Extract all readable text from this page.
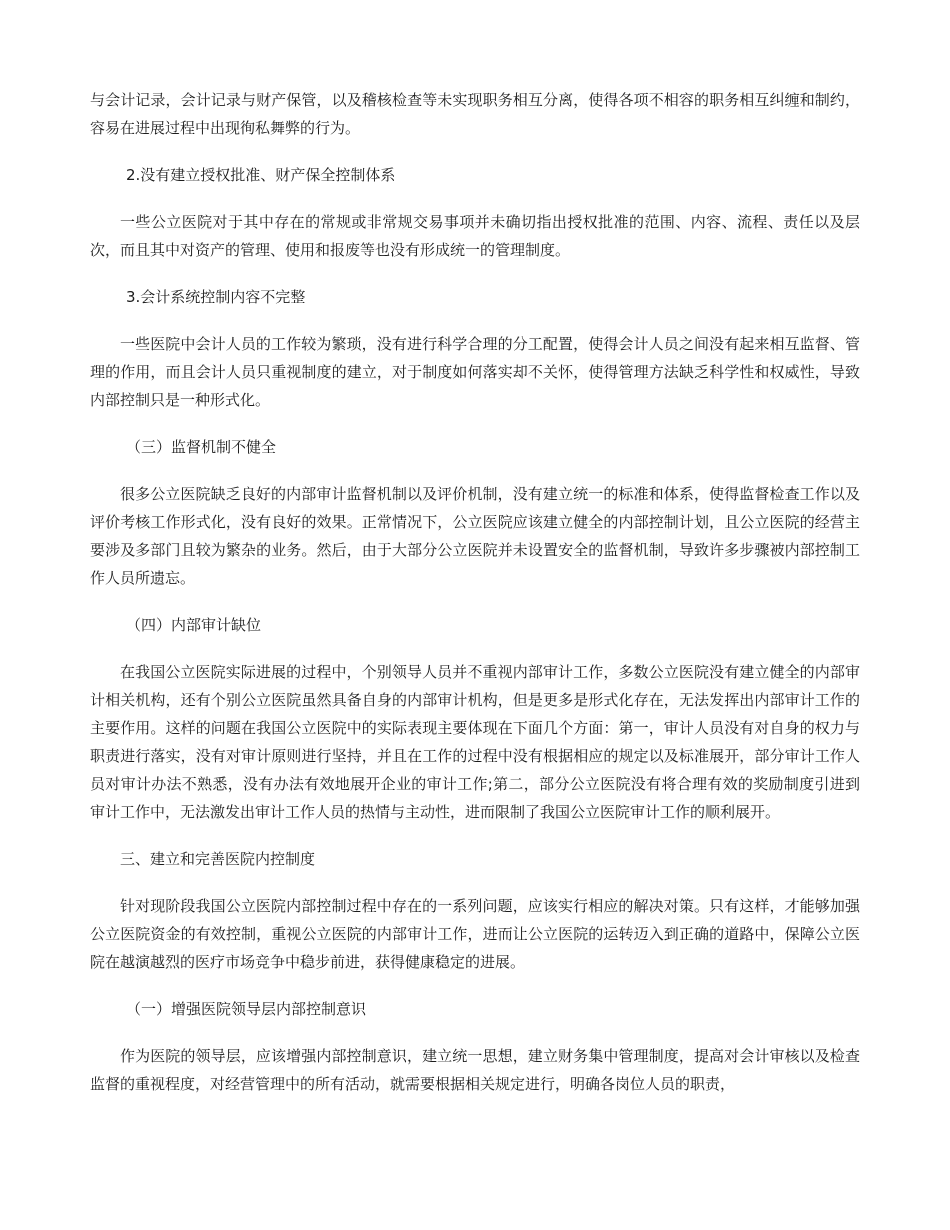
与会计记录，会计记录与财产保管，以及稽核检查等未实现职务相互分离，使得各项不相容的职务相互纠缠和制约，容易在进展过程中出现徇私舞弊的行为。

2.没有建立授权批准、财产保全控制体系

一些公立医院对于其中存在的常规或非常规交易事项并未确切指出授权批准的范围、内容、流程、责任以及层次，而且其中对资产的管理、使用和报废等也没有形成统一的管理制度。

3.会计系统控制内容不完整

一些医院中会计人员的工作较为繁琐，没有进行科学合理的分工配置，使得会计人员之间没有起来相互监督、管理的作用，而且会计人员只重视制度的建立，对于制度如何落实却不关怀，使得管理方法缺乏科学性和权威性，导致内部控制只是一种形式化。

（三）监督机制不健全

很多公立医院缺乏良好的内部审计监督机制以及评价机制，没有建立统一的标准和体系，使得监督检查工作以及评价考核工作形式化，没有良好的效果。正常情况下，公立医院应该建立健全的内部控制计划，且公立医院的经营主要涉及多部门且较为繁杂的业务。然后，由于大部分公立医院并未设置安全的监督机制，导致许多步骤被内部控制工作人员所遗忘。

（四）内部审计缺位

在我国公立医院实际进展的过程中，个别领导人员并不重视内部审计工作，多数公立医院没有建立健全的内部审计相关机构，还有个别公立医院虽然具备自身的内部审计机构，但是更多是形式化存在，无法发挥出内部审计工作的主要作用。这样的问题在我国公立医院中的实际表现主要体现在下面几个方面：第一，审计人员没有对自身的权力与职责进行落实，没有对审计原则进行坚持，并且在工作的过程中没有根据相应的规定以及标准展开，部分审计工作人员对审计办法不熟悉，没有办法有效地展开企业的审计工作;第二，部分公立医院没有将合理有效的奖励制度引进到审计工作中，无法激发出审计工作人员的热情与主动性，进而限制了我国公立医院审计工作的顺利展开。

三、建立和完善医院内控制度

针对现阶段我国公立医院内部控制过程中存在的一系列问题，应该实行相应的解决对策。只有这样，才能够加强公立医院资金的有效控制，重视公立医院的内部审计工作，进而让公立医院的运转迈入到正确的道路中，保障公立医院在越演越烈的医疗市场竞争中稳步前进，获得健康稳定的进展。

（一）增强医院领导层内部控制意识

作为医院的领导层，应该增强内部控制意识，建立统一思想，建立财务集中管理制度，提高对会计审核以及检查监督的重视程度，对经营管理中的所有活动，就需要根据相关规定进行，明确各岗位人员的职责，
